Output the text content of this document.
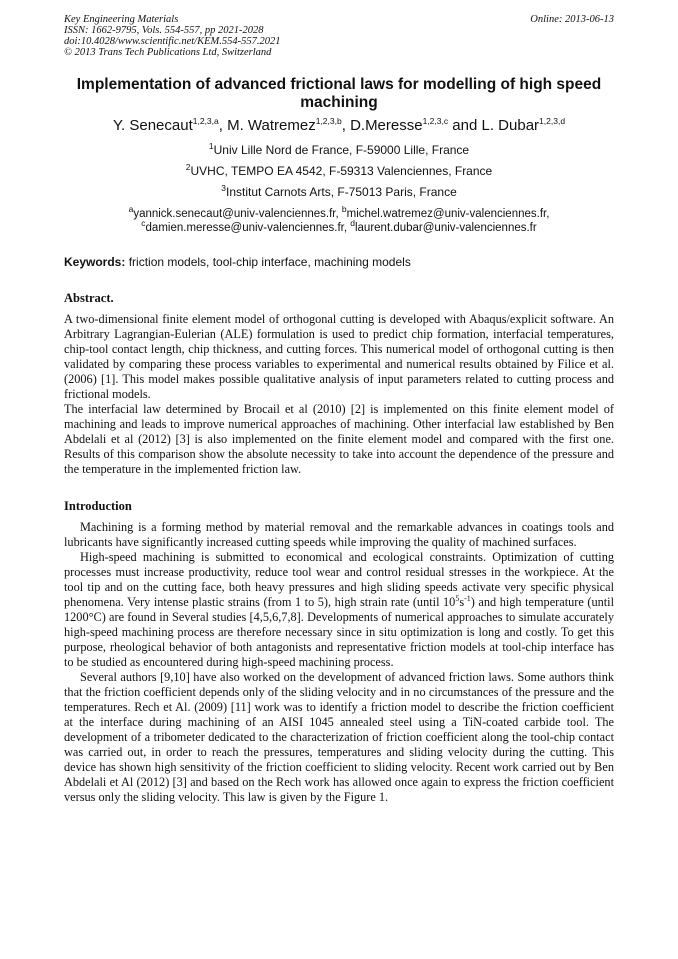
Key Engineering Materials
ISSN: 1662-9795, Vols. 554-557, pp 2021-2028
doi:10.4028/www.scientific.net/KEM.554-557.2021
© 2013 Trans Tech Publications Ltd, Switzerland
Online: 2013-06-13
Implementation of advanced frictional laws for modelling of high speed machining
Y. Senecaut$^{1,2,3,a}$, M. Watremez$^{1,2,3,b}$, D.Meresse$^{1,2,3,c}$ and L. Dubar$^{1,2,3,d}$
$^1$Univ Lille Nord de France, F-59000 Lille, France
$^2$UVHC, TEMPO EA 4542, F-59313 Valenciennes, France
$^3$Institut Carnots Arts, F-75013 Paris, France
$^a$yannick.senecaut@univ-valenciennes.fr, $^b$michel.watremez@univ-valenciennes.fr,
$^c$damien.meresse@univ-valenciennes.fr, $^d$laurent.dubar@univ-valenciennes.fr
Keywords: friction models, tool-chip interface, machining models
Abstract.

A two-dimensional finite element model of orthogonal cutting is developed with Abaqus/explicit software. An Arbitrary Lagrangian-Eulerian (ALE) formulation is used to predict chip formation, interfacial temperatures, chip-tool contact length, chip thickness, and cutting forces. This numerical model of orthogonal cutting is then validated by comparing these process variables to experimental and numerical results obtained by Filice et al. (2006) [1]. This model makes possible qualitative analysis of input parameters related to cutting process and frictional models.

The interfacial law determined by Brocail et al (2010) [2] is implemented on this finite element model of machining and leads to improve numerical approaches of machining. Other interfacial law established by Ben Abdelali et al (2012) [3] is also implemented on the finite element model and compared with the first one. Results of this comparison show the absolute necessity to take into account the dependence of the pressure and the temperature in the implemented friction law.

Introduction

Machining is a forming method by material removal and the remarkable advances in coatings tools and lubricants have significantly increased cutting speeds while improving the quality of machined surfaces.

High-speed machining is submitted to economical and ecological constraints. Optimization of cutting processes must increase productivity, reduce tool wear and control residual stresses in the workpiece. At the tool tip and on the cutting face, both heavy pressures and high sliding speeds activate very specific physical phenomena. Very intense plastic strains (from 1 to 5), high strain rate (until $10^5s^{-1}$) and high temperature (until 1200°C) are found in Several studies [4,5,6,7,8]. Developments of numerical approaches to simulate accurately high-speed machining process are therefore necessary since in situ optimization is long and costly. To get this purpose, rheological behavior of both antagonists and representative friction models at tool-chip interface has to be studied as encountered during high-speed machining process.

Several authors [9,10] have also worked on the development of advanced friction laws. Some authors think that the friction coefficient depends only of the sliding velocity and in no circumstances of the pressure and the temperatures. Rech et Al. (2009) [11] work was to identify a friction model to describe the friction coefficient at the interface during machining of an AISI 1045 annealed steel using a TiN-coated carbide tool. The development of a tribometer dedicated to the characterization of friction coefficient along the tool-chip contact was carried out, in order to reach the pressures, temperatures and sliding velocity during the cutting. This device has shown high sensitivity of the friction coefficient to sliding velocity. Recent work carried out by Ben Abdelali et Al (2012) [3] and based on the Rech work has allowed once again to express the friction coefficient versus only the sliding velocity. This law is given by the Figure 1.
